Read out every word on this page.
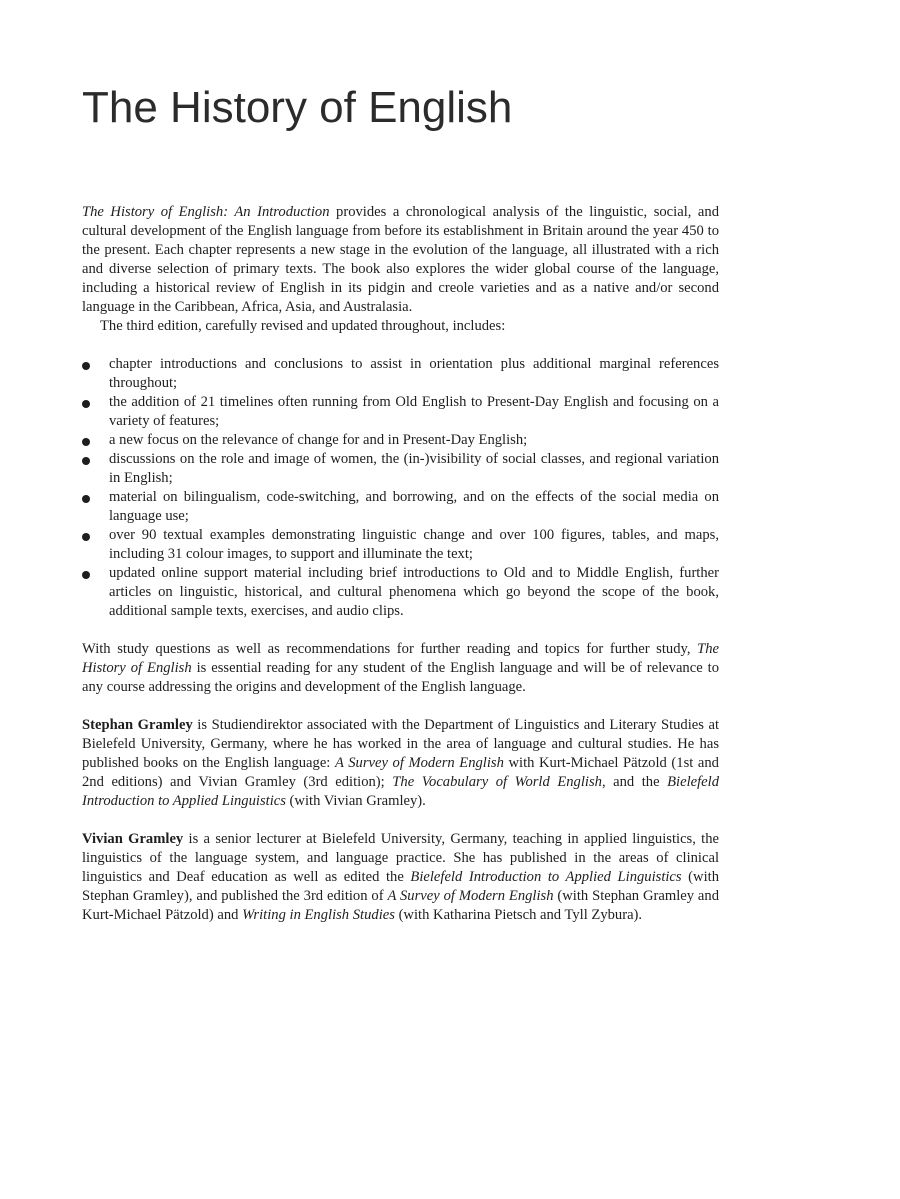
The History of English

The History of English: An Introduction provides a chronological analysis of the linguistic, social, and cultural development of the English language from before its establishment in Britain around the year 450 to the present. Each chapter represents a new stage in the evolution of the language, all illustrated with a rich and diverse selection of primary texts. The book also explores the wider global course of the language, including a historical review of English in its pidgin and creole varieties and as a native and/or second language in the Caribbean, Africa, Asia, and Australasia.

The third edition, carefully revised and updated throughout, includes:

chapter introductions and conclusions to assist in orientation plus additional marginal references throughout;
the addition of 21 timelines often running from Old English to Present-Day English and focusing on a variety of features;
a new focus on the relevance of change for and in Present-Day English;
discussions on the role and image of women, the (in-)visibility of social classes, and regional variation in English;
material on bilingualism, code-switching, and borrowing, and on the effects of the social media on language use;
over 90 textual examples demonstrating linguistic change and over 100 figures, tables, and maps, including 31 colour images, to support and illuminate the text;
updated online support material including brief introductions to Old and to Middle English, further articles on linguistic, historical, and cultural phenomena which go beyond the scope of the book, additional sample texts, exercises, and audio clips.

With study questions as well as recommendations for further reading and topics for further study, The History of English is essential reading for any student of the English language and will be of relevance to any course addressing the origins and development of the English language.

Stephan Gramley is Studiendirektor associated with the Department of Linguistics and Literary Studies at Bielefeld University, Germany, where he has worked in the area of language and cultural studies. He has published books on the English language: A Survey of Modern English with Kurt-Michael Pätzold (1st and 2nd editions) and Vivian Gramley (3rd edition); The Vocabulary of World English, and the Bielefeld Introduction to Applied Linguistics (with Vivian Gramley).

Vivian Gramley is a senior lecturer at Bielefeld University, Germany, teaching in applied linguistics, the linguistics of the language system, and language practice. She has published in the areas of clinical linguistics and Deaf education as well as edited the Bielefeld Introduction to Applied Linguistics (with Stephan Gramley), and published the 3rd edition of A Survey of Modern English (with Stephan Gramley and Kurt-Michael Pätzold) and Writing in English Studies (with Katharina Pietsch and Tyll Zybura).
